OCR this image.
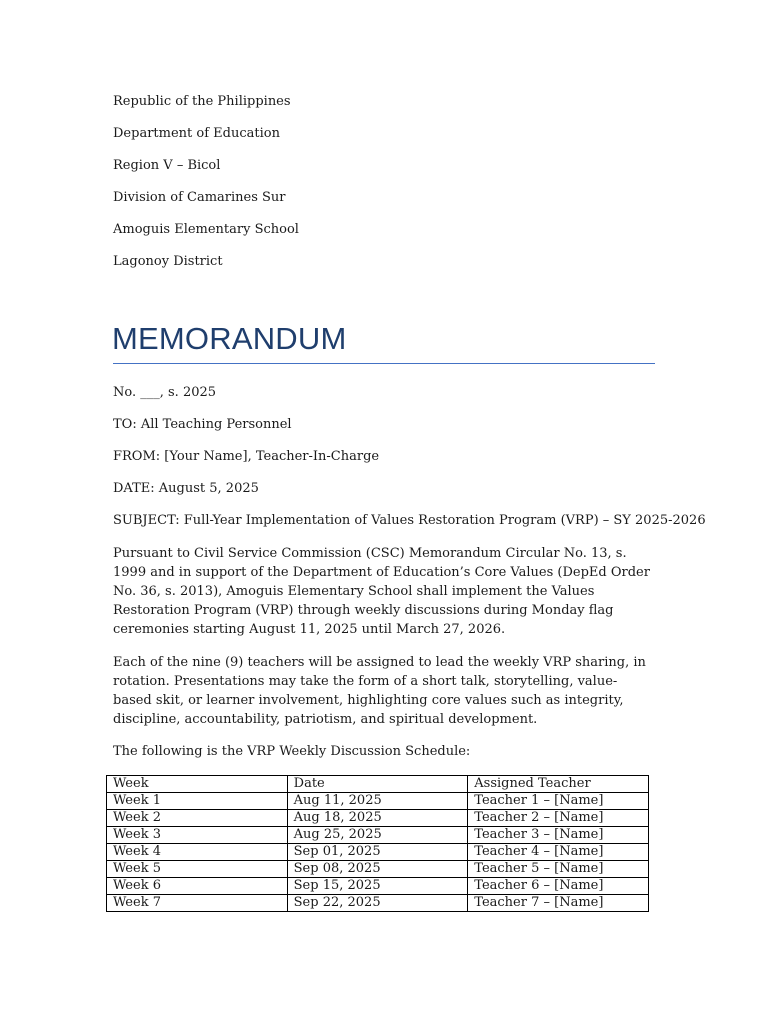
Republic of the Philippines
Department of Education
Region V – Bicol
Division of Camarines Sur
Amoguis Elementary School
Lagonoy District
MEMORANDUM
No. ___, s. 2025
TO: All Teaching Personnel
FROM: [Your Name], Teacher-In-Charge
DATE: August 5, 2025
SUBJECT: Full-Year Implementation of Values Restoration Program (VRP) – SY 2025-2026
Pursuant to Civil Service Commission (CSC) Memorandum Circular No. 13, s. 1999 and in support of the Department of Education’s Core Values (DepEd Order No. 36, s. 2013), Amoguis Elementary School shall implement the Values Restoration Program (VRP) through weekly discussions during Monday flag ceremonies starting August 11, 2025 until March 27, 2026.
Each of the nine (9) teachers will be assigned to lead the weekly VRP sharing, in rotation. Presentations may take the form of a short talk, storytelling, value-based skit, or learner involvement, highlighting core values such as integrity, discipline, accountability, patriotism, and spiritual development.
The following is the VRP Weekly Discussion Schedule:
Week	Date	Assigned Teacher
Week 1	Aug 11, 2025	Teacher 1 – [Name]
Week 2	Aug 18, 2025	Teacher 2 – [Name]
Week 3	Aug 25, 2025	Teacher 3 – [Name]
Week 4	Sep 01, 2025	Teacher 4 – [Name]
Week 5	Sep 08, 2025	Teacher 5 – [Name]
Week 6	Sep 15, 2025	Teacher 6 – [Name]
Week 7	Sep 22, 2025	Teacher 7 – [Name]
